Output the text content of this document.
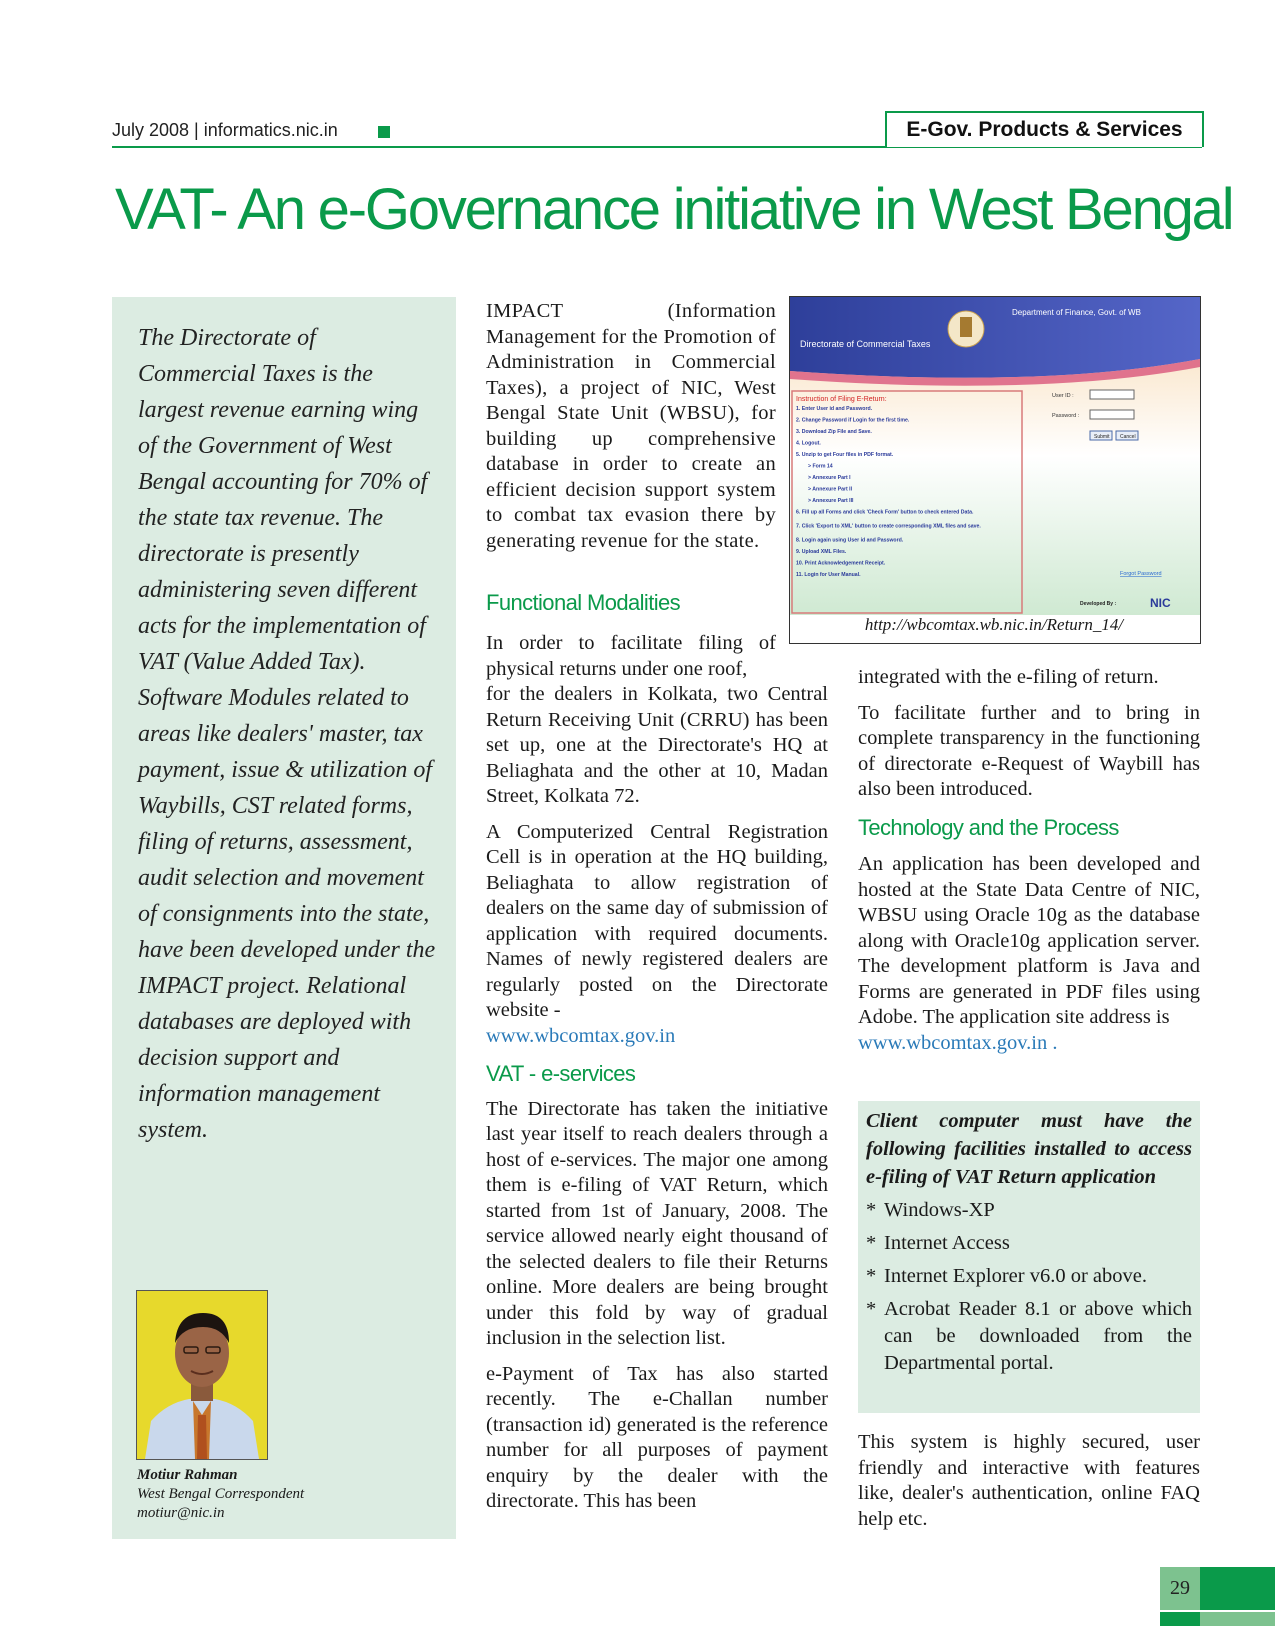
July 2008 | informatics.nic.in	E-Gov. Products & Services
VAT- An e-Governance initiative in West Bengal
The Directorate of Commercial Taxes is the largest revenue earning wing of the Government of West Bengal accounting for 70% of the state tax revenue. The directorate is presently administering seven different acts for the implementation of VAT (Value Added Tax). Software Modules related to areas like dealers' master, tax payment, issue & utilization of Waybills, CST related forms, filing of returns, assessment, audit selection and movement of consignments into the state, have been developed under the IMPACT project. Relational databases are deployed with decision support and information management system.
Motiur Rahman
West Bengal Correspondent
motiur@nic.in

IMPACT (Information Management for the Promotion of Administration in Commercial Taxes), a project of NIC, West Bengal State Unit (WBSU), for building up comprehensive database in order to create an efficient decision support system to combat tax evasion there by generating revenue for the state.

Functional Modalities
In order to facilitate filing of physical returns under one roof,

for the dealers in Kolkata, two Central Return Receiving Unit (CRRU) has been set up, one at the Directorate's HQ at Beliaghata and the other at 10, Madan Street, Kolkata 72.

A Computerized Central Registration Cell is in operation at the HQ building, Beliaghata to allow registration of dealers on the same day of submission of application with required documents. Names of newly registered dealers are regularly posted on the Directorate website -

www.wbcomtax.gov.in

VAT - e-services

The Directorate has taken the initiative last year itself to reach dealers through a host of e-services. The major one among them is e-filing of VAT Return, which started from 1st of January, 2008. The service allowed nearly eight thousand of the selected dealers to file their Returns online. More dealers are being brought under this fold by way of gradual inclusion in the selection list.

e-Payment of Tax has also started recently. The e-Challan number (transaction id) generated is the reference number for all purposes of payment enquiry by the dealer with the directorate. This has been

Department of Finance, Govt. of WB
Directorate of Commercial Taxes
Instruction of Filing E-Return:
1. Enter User id and Password.
2. Change Password if Login for the first time.
3. Download Zip File and Save.
4. Logout.
5. Unzip to get Four files in PDF format.
> Form 14
> Annexure Part I
> Annexure Part II
> Annexure Part III
6. Fill up all Forms and click 'Check Form' button to check entered Data.
7. Click 'Export to XML' button to create corresponding XML files and save.
8. Login again using User id and Password.
9. Upload XML Files.
10. Print Acknowledgement Receipt.
11. Login for User Manual.
User ID :
Password :
Submit Cancel
Forgot Password
Developed By :	NIC
http://wbcomtax.wb.nic.in/Return_14/

integrated with the e-filing of return.

To facilitate further and to bring in complete transparency in the functioning of directorate e-Request of Waybill has also been introduced.

Technology and the Process

An application has been developed and hosted at the State Data Centre of NIC, WBSU using Oracle 10g as the database along with Oracle10g application server. The development platform is Java and Forms are generated in PDF files using Adobe. The application site address is

www.wbcomtax.gov.in .

Client computer must have the following facilities installed to access e-filing of VAT Return application
* Windows-XP
* Internet Access
* Internet Explorer v6.0 or above.
* Acrobat Reader 8.1 or above which can be downloaded from the Departmental portal.
This system is highly secured, user friendly and interactive with features like, dealer's authentication, online FAQ help etc.
29
